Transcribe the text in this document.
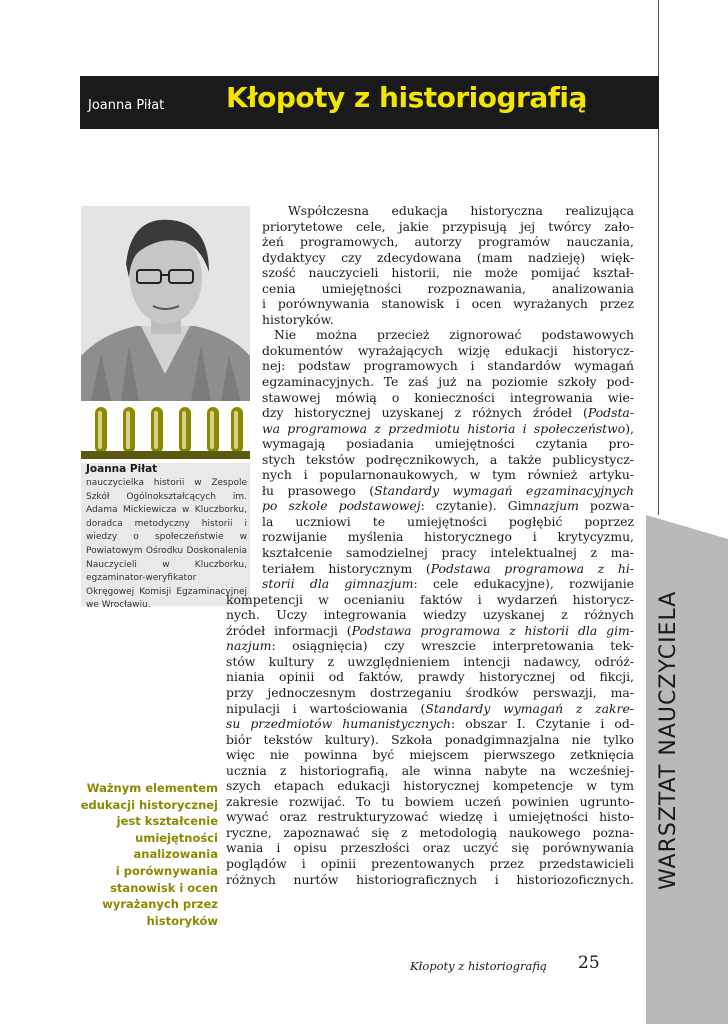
WARSZTAT NAUCZYCIELA
Joanna Piłat Kłopoty z historiografią
Joanna Piłat
nauczycielka historii w Zespole Szkół Ogólnokształcących im. Adama Mickiewicza w Kluczborku, doradca metodyczny historii i wiedzy o społeczeństwie w Powiatowym Ośrodku Doskonalenia Nauczycieli w Kluczborku, egzaminator-weryfikator Okręgowej Komisji Egzaminacyjnej we Wrocławiu.
Ważnym elementem
edukacji historycznej
jest kształcenie
umiejętności
analizowania
i porównywania
stanowisk i ocen
wyrażanych przez
historyków
Współczesna edukacja historyczna realizująca
priorytetowe cele, jakie przypisują jej twórcy zało-
żeń programowych, autorzy programów nauczania,
dydaktycy czy zdecydowana (mam nadzieję) więk-
szość nauczycieli historii, nie może pomijać kształ-
cenia umiejętności rozpoznawania, analizowania
i porównywania stanowisk i ocen wyrażanych przez
historyków.
Nie można przecież zignorować podstawowych
dokumentów wyrażających wizję edukacji historycz-
nej: podstaw programowych i standardów wymagań
egzaminacyjnych. Te zaś już na poziomie szkoły pod-
stawowej mówią o konieczności integrowania wie-
dzy historycznej uzyskanej z różnych źródeł (Podsta-
wa programowa z przedmiotu historia i społeczeństwo),
wymagają posiadania umiejętności czytania pro-
stych tekstów podręcznikowych, a także publicystycz-
nych i popularnonaukowych, w tym również artyku-
łu prasowego (Standardy wymagań egzaminacyjnych
po szkole podstawowej: czytanie). Gimnazjum pozwa-
la uczniowi te umiejętności pogłębić poprzez
rozwijanie myślenia historycznego i krytycyzmu,
kształcenie samodzielnej pracy intelektualnej z ma-
teriałem historycznym (Podstawa programowa z hi-
storii dla gimnazjum: cele edukacyjne), rozwijanie
kompetencji w ocenianiu faktów i wydarzeń historycz-
nych. Uczy integrowania wiedzy uzyskanej z różnych
źródeł informacji (Podstawa programowa z historii dla gim-
nazjum: osiągnięcia) czy wreszcie interpretowania tek-
stów kultury z uwzględnieniem intencji nadawcy, odróż-
niania opinii od faktów, prawdy historycznej od fikcji,
przy jednoczesnym dostrzeganiu środków perswazji, ma-
nipulacji i wartościowania (Standardy wymagań z zakre-
su przedmiotów humanistycznych: obszar I. Czytanie i od-
biór tekstów kultury). Szkoła ponadgimnazjalna nie tylko
więc nie powinna być miejscem pierwszego zetknięcia
ucznia z historiografią, ale winna nabyte na wcześniej-
szych etapach edukacji historycznej kompetencje w tym
zakresie rozwijać. To tu bowiem uczeń powinien ugrunto-
wywać oraz restrukturyzować wiedzę i umiejętności histo-
ryczne, zapoznawać się z metodologią naukowego pozna-
wania i opisu przeszłości oraz uczyć się porównywania
poglądów i opinii prezentowanych przez przedstawicieli
różnych nurtów historiograficznych i historiozoficznych.
Kłopoty z historiografią 25
